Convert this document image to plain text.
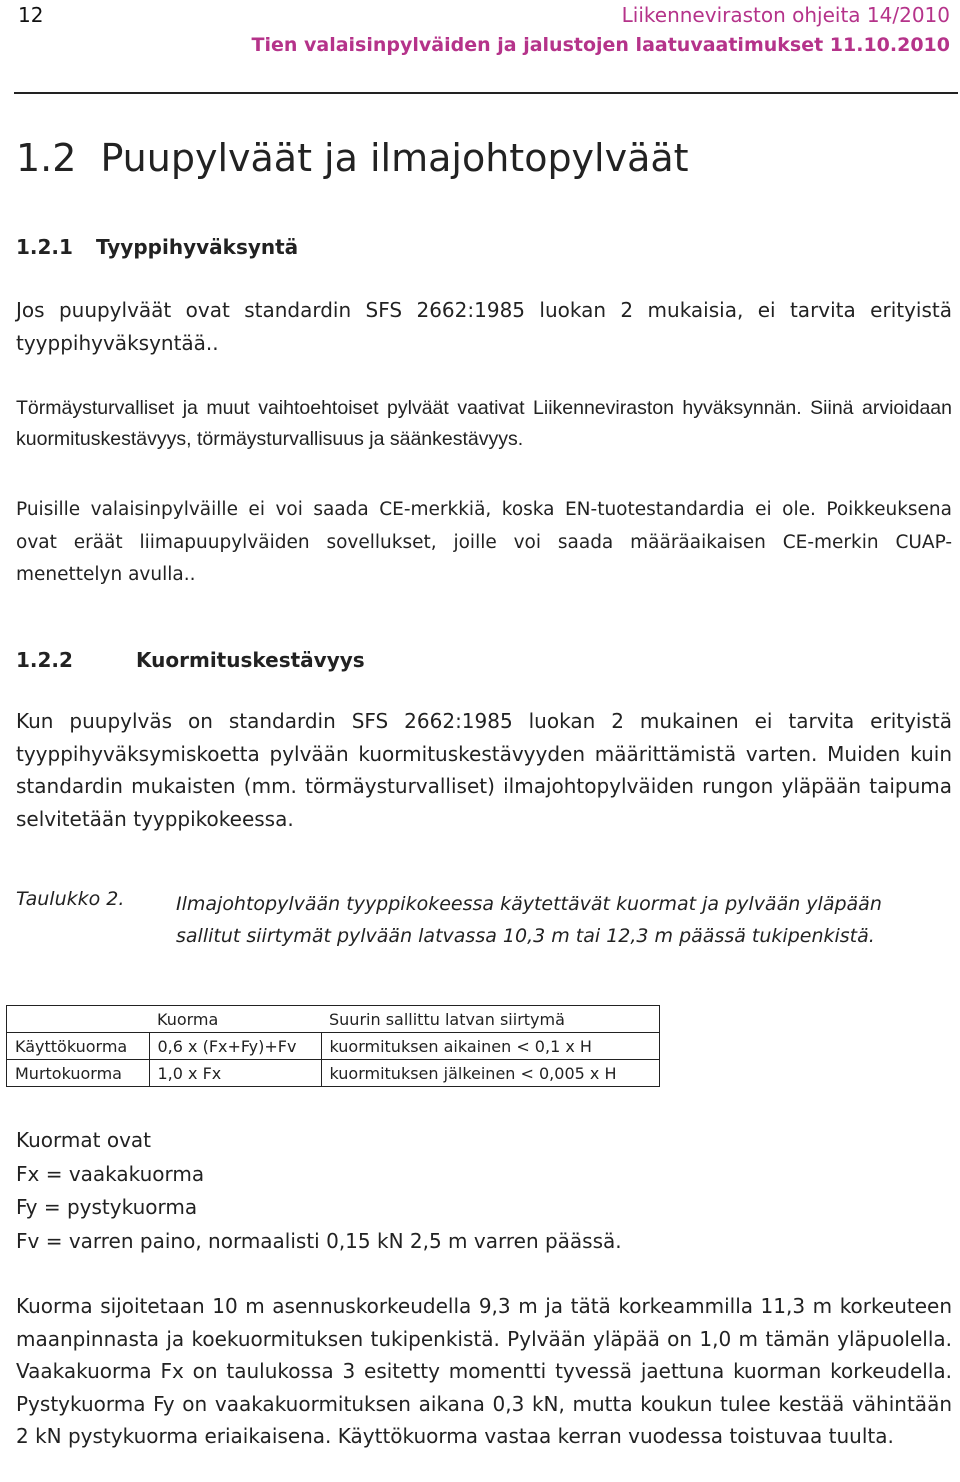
12	Liikenneviraston ohjeita 14/2010
Tien valaisinpylväiden ja jalustojen laatuvaatimukset 11.10.2010
1.2 Puupylväät ja ilmajohtopylväät
1.2.1 Tyyppihyväksyntä

Jos puupylväät ovat standardin SFS 2662:1985 luokan 2 mukaisia, ei tarvita erityistä tyyppihyväksyntää..

Törmäysturvalliset ja muut vaihtoehtoiset pylväät vaativat Liikenneviraston hyväksynnän. Siinä arvioidaan kuormituskestävyys, törmäysturvallisuus ja säänkestävyys.

Puisille valaisinpylväille ei voi saada CE-merkkiä, koska EN-tuotestandardia ei ole. Poikkeuksena ovat eräät liimapuupylväiden sovellukset, joille voi saada määräaikaisen CE-merkin CUAP-menettelyn avulla..

1.2.2	Kuormituskestävyys

Kun puupylväs on standardin SFS 2662:1985 luokan 2 mukainen ei tarvita erityistä tyyppihyväksymiskoetta pylvään kuormituskestävyyden määrittämistä varten. Muiden kuin standardin mukaisten (mm. törmäysturvalliset) ilmajohtopylväiden rungon yläpään taipuma selvitetään tyyppikokeessa.

Taulukko 2.	Ilmajohtopylvään tyyppikokeessa käytettävät kuormat ja pylvään yläpään sallitut siirtymät pylvään latvassa 10,3 m tai 12,3 m päässä tukipenkistä.
	Kuorma	Suurin sallittu latvan siirtymä
Käyttökuorma	0,6 x (Fx+Fy)+Fv	kuormituksen aikainen < 0,1 x H
Murtokuorma	1,0 x Fx	kuormituksen jälkeinen < 0,005 x H
Kuormat ovat
Fx = vaakakuorma
Fy = pystykuorma
Fv = varren paino, normaalisti 0,15 kN 2,5 m varren päässä.

Kuorma sijoitetaan 10 m asennuskorkeudella 9,3 m ja tätä korkeammilla 11,3 m korkeuteen maanpinnasta ja koekuormituksen tukipenkistä. Pylvään yläpää on 1,0 m tämän yläpuolella. Vaakakuorma Fx on taulukossa 3 esitetty momentti tyvessä jaettuna kuorman korkeudella. Pystykuorma Fy on vaakakuormituksen aikana 0,3 kN, mutta koukun tulee kestää vähintään 2 kN pystykuorma eriaikaisena. Käyttökuorma vastaa kerran vuodessa toistuvaa tuulta.
